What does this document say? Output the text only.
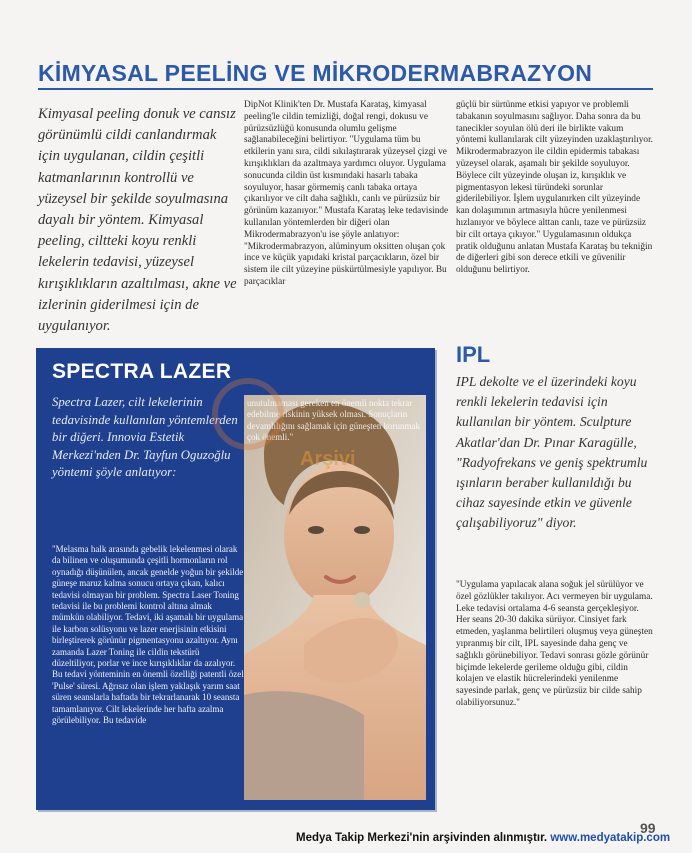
KİMYASAL PEELİNG VE MİKRODERMABRAZYON
Kimyasal peeling donuk ve cansız görünümlü cildi canlandırmak için uygulanan, cildin çeşitli katmanlarının kontrollü ve yüzeysel bir şekilde soyulmasına dayalı bir yöntem. Kimyasal peeling, ciltteki koyu renkli lekelerin tedavisi, yüzeysel kırışıklıkların azaltılması, akne ve izlerinin giderilmesi için de uygulanıyor.
DipNot Klinik'ten Dr. Mustafa Karataş, kimyasal peeling'le cildin temizliği, doğal rengi, dokusu ve pürüzsüzlüğü konusunda olumlu gelişme sağlanabileceğini belirtiyor. "Uygulama tüm bu etkilerin yanı sıra, cildi sıkılaştırarak yüzeysel çizgi ve kırışıklıkları da azaltmaya yardımcı oluyor. Uygulama sonucunda cildin üst kısmındaki hasarlı tabaka soyuluyor, hasar görmemiş canlı tabaka ortaya çıkarılıyor ve cilt daha sağlıklı, canlı ve pürüzsüz bir görünüm kazanıyor." Mustafa Karataş leke tedavisinde kullanılan yöntemlerden bir diğeri olan Mikrodermabrazyon'u ise şöyle anlatıyor: "Mikrodermabrazyon, alüminyum oksitten oluşan çok ince ve küçük yapıdaki kristal parçacıkların, özel bir sistem ile cilt yüzeyine püskürtülmesiyle yapılıyor. Bu parçacıklar
güçlü bir sürtünme etkisi yapıyor ve problemli tabakanın soyulmasını sağlıyor. Daha sonra da bu tanecikler soyulan ölü deri ile birlikte vakum yöntemi kullanılarak cilt yüzeyinden uzaklaştırılıyor. Mikrodermabrazyon ile cildin epidermis tabakası yüzeysel olarak, aşamalı bir şekilde soyuluyor. Böylece cilt yüzeyinde oluşan iz, kırışıklık ve pigmentasyon lekesi türündeki sorunlar giderilebiliyor. İşlem uygulanırken cilt yüzeyinde kan dolaşımının artmasıyla hücre yenilenmesi hızlanıyor ve böylece alttan canlı, taze ve pürüzsüz bir cilt ortaya çıkıyor." Uygulamasının oldukça pratik olduğunu anlatan Mustafa Karataş bu tekniğin de diğerleri gibi son derece etkili ve güvenilir olduğunu belirtiyor.
SPECTRA LAZER
Spectra Lazer, cilt lekelerinin tedavisinde kullanılan yöntemlerden bir diğeri. Innovia Estetik Merkezi'nden Dr. Tayfun Oguzoğlu yöntemi şöyle anlatıyor:
"Melasma halk arasında gebelik lekelenmesi olarak da bilinen ve oluşumunda çeşitli hormonların rol oynadığı düşünülen, ancak genelde yoğun bir şekilde güneşe maruz kalma sonucu ortaya çıkan, kalıcı tedavisi olmayan bir problem. Spectra Laser Toning tedavisi ile bu problemi kontrol altına almak mümkün olabiliyor. Tedavi, iki aşamalı bir uygulama ile karbon solüsyonu ve lazer enerjisinin etkisini birleştirerek görünür pigmentasyonu azaltıyor. Aynı zamanda Lazer Toning ile cildin tekstürü düzeltiliyor, porlar ve ince kırışıklıklar da azalıyor. Bu tedavi yönteminin en önemli özelliği patentli özel 'Pulse' süresi. Ağrısız olan işlem yaklaşık yarım saat süren seanslarla haftada bir tekrarlanarak 10 seansta tamamlanıyor. Cilt lekelerinde her hafta azalma görülebiliyor. Bu tedavide
unutulmaması gereken en önemli nokta tekrar edebilme riskinin yüksek olması. Sonuçların devamlılığını sağlamak için güneşten korunmak çok önemli."
Arşivi
IPL
IPL dekolte ve el üzerindeki koyu renkli lekelerin tedavisi için kullanılan bir yöntem. Sculpture Akatlar'dan Dr. Pınar Karagülle, "Radyofrekans ve geniş spektrumlu ışınların beraber kullanıldığı bu cihaz sayesinde etkin ve güvenle çalışabiliyoruz" diyor.
"Uygulama yapılacak alana soğuk jel sürülüyor ve özel gözlükler takılıyor. Acı vermeyen bir uygulama. Leke tedavisi ortalama 4-6 seansta gerçekleşiyor. Her seans 20-30 dakika sürüyor. Cinsiyet fark etmeden, yaşlanma belirtileri oluşmuş veya güneşten yıpranmış bir cilt, IPL sayesinde daha genç ve sağlıklı görünebiliyor. Tedavi sonrası gözle görünür biçimde lekelerde gerileme olduğu gibi, cildin kolajen ve elastik hücrelerindeki yenilenme sayesinde parlak, genç ve pürüzsüz bir cilde sahip olabiliyorsunuz."
99
Medya Takip Merkezi'nin arşivinden alınmıştır. www.medyatakip.com
